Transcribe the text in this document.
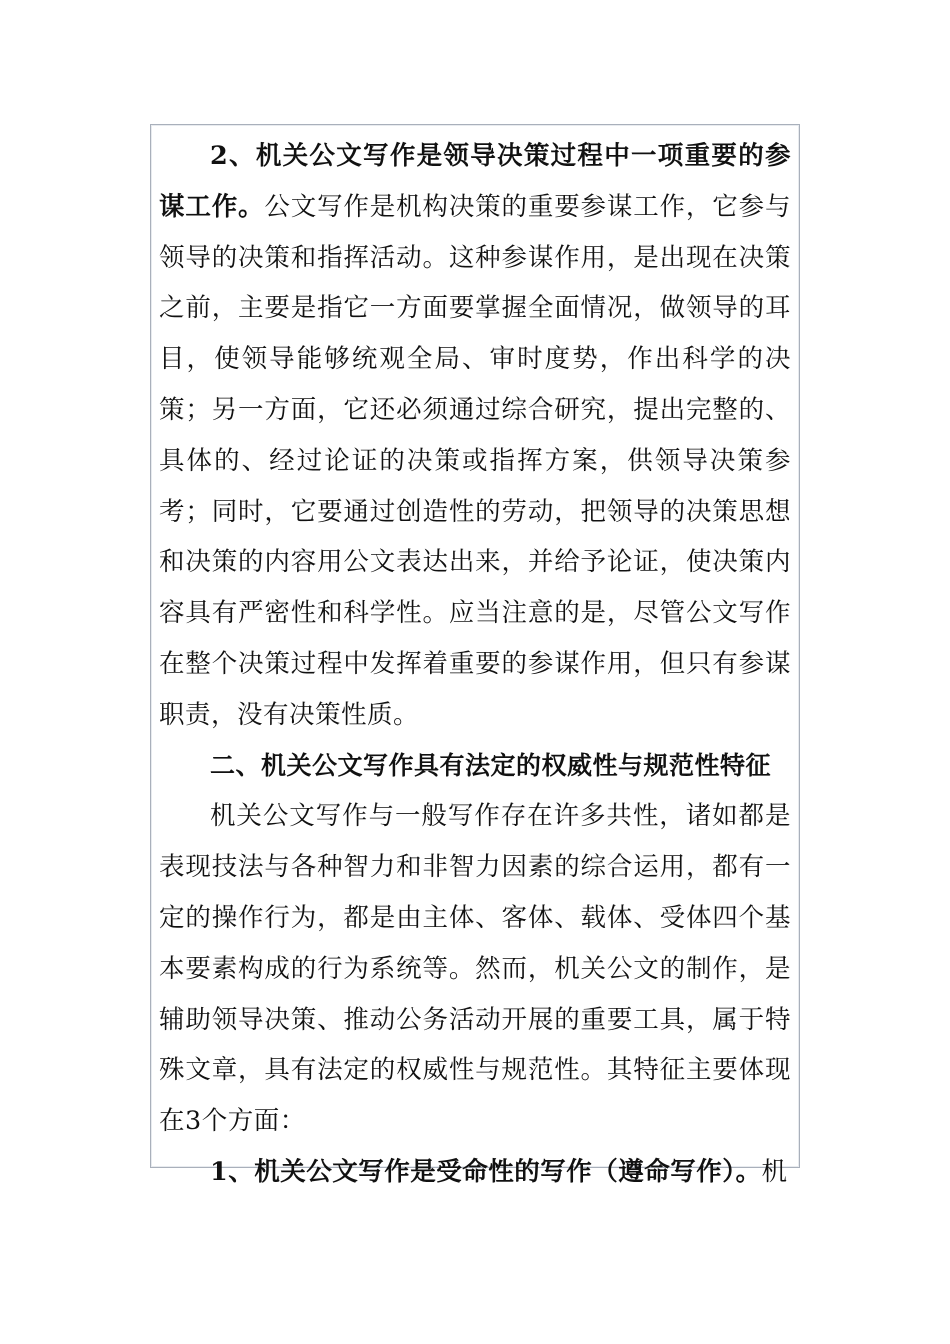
2、机关公文写作是领导决策过程中一项重要的参谋工作。公文写作是机构决策的重要参谋工作，它参与领导的决策和指挥活动。这种参谋作用，是出现在决策之前，主要是指它一方面要掌握全面情况，做领导的耳目，使领导能够统观全局、审时度势，作出科学的决策；另一方面，它还必须通过综合研究，提出完整的、具体的、经过论证的决策或指挥方案，供领导决策参考；同时，它要通过创造性的劳动，把领导的决策思想和决策的内容用公文表达出来，并给予论证，使决策内容具有严密性和科学性。应当注意的是，尽管公文写作在整个决策过程中发挥着重要的参谋作用，但只有参谋职责，没有决策性质。

二、机关公文写作具有法定的权威性与规范性特征

机关公文写作与一般写作存在许多共性，诸如都是表现技法与各种智力和非智力因素的综合运用，都有一定的操作行为，都是由主体、客体、载体、受体四个基本要素构成的行为系统等。然而，机关公文的制作，是辅助领导决策、推动公务活动开展的重要工具，属于特殊文章，具有法定的权威性与规范性。其特征主要体现在3个方面：

1、机关公文写作是受命性的写作（遵命写作）。机
